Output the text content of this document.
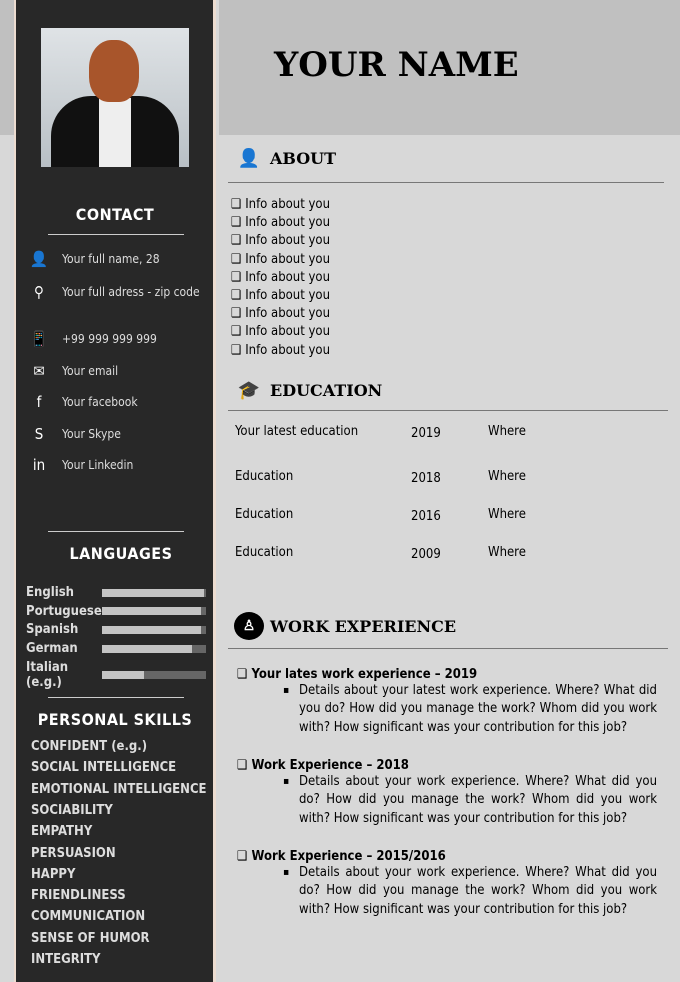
CONTACT
👤 Your full name, 28
⚲	Your full adress - zip code
📱 +99 999 999 999
✉	Your email
f	Your facebook
S	Your Skype
in	Your Linkedin
LANGUAGES
English
Portuguese
Spanish
German
Italian (e.g.)
PERSONAL SKILLS
CONFIDENT (e.g.)
SOCIAL INTELLIGENCE
EMOTIONAL INTELLIGENCE
SOCIABILITY
EMPATHY
PERSUASION
HAPPY
FRIENDLINESS
COMMUNICATION
SENSE OF HUMOR
INTEGRITY
YOUR NAME
👤 ABOUT
❑ Info about you
❑ Info about you
❑ Info about you
❑ Info about you
❑ Info about you
❑ Info about you
❑ Info about you
❑ Info about you
❑ Info about you
🎓 EDUCATION
Your latest education	2019	Where
Education	2018	Where
Education	2016	Where
Education	2009	Where
♙ WORK EXPERIENCE
❑ Your lates work experience – 2019

▪ Details about your latest work experience. Where? What did you do? How did you manage the work? Whom did you work with? How significant was your contribution for this job?

❑ Work Experience – 2018

▪ Details about your work experience. Where? What did you do? How did you manage the work? Whom did you work with? How significant was your contribution for this job?

❑ Work Experience – 2015/2016

▪ Details about your work experience. Where? What did you do? How did you manage the work? Whom did you work with? How significant was your contribution for this job?
